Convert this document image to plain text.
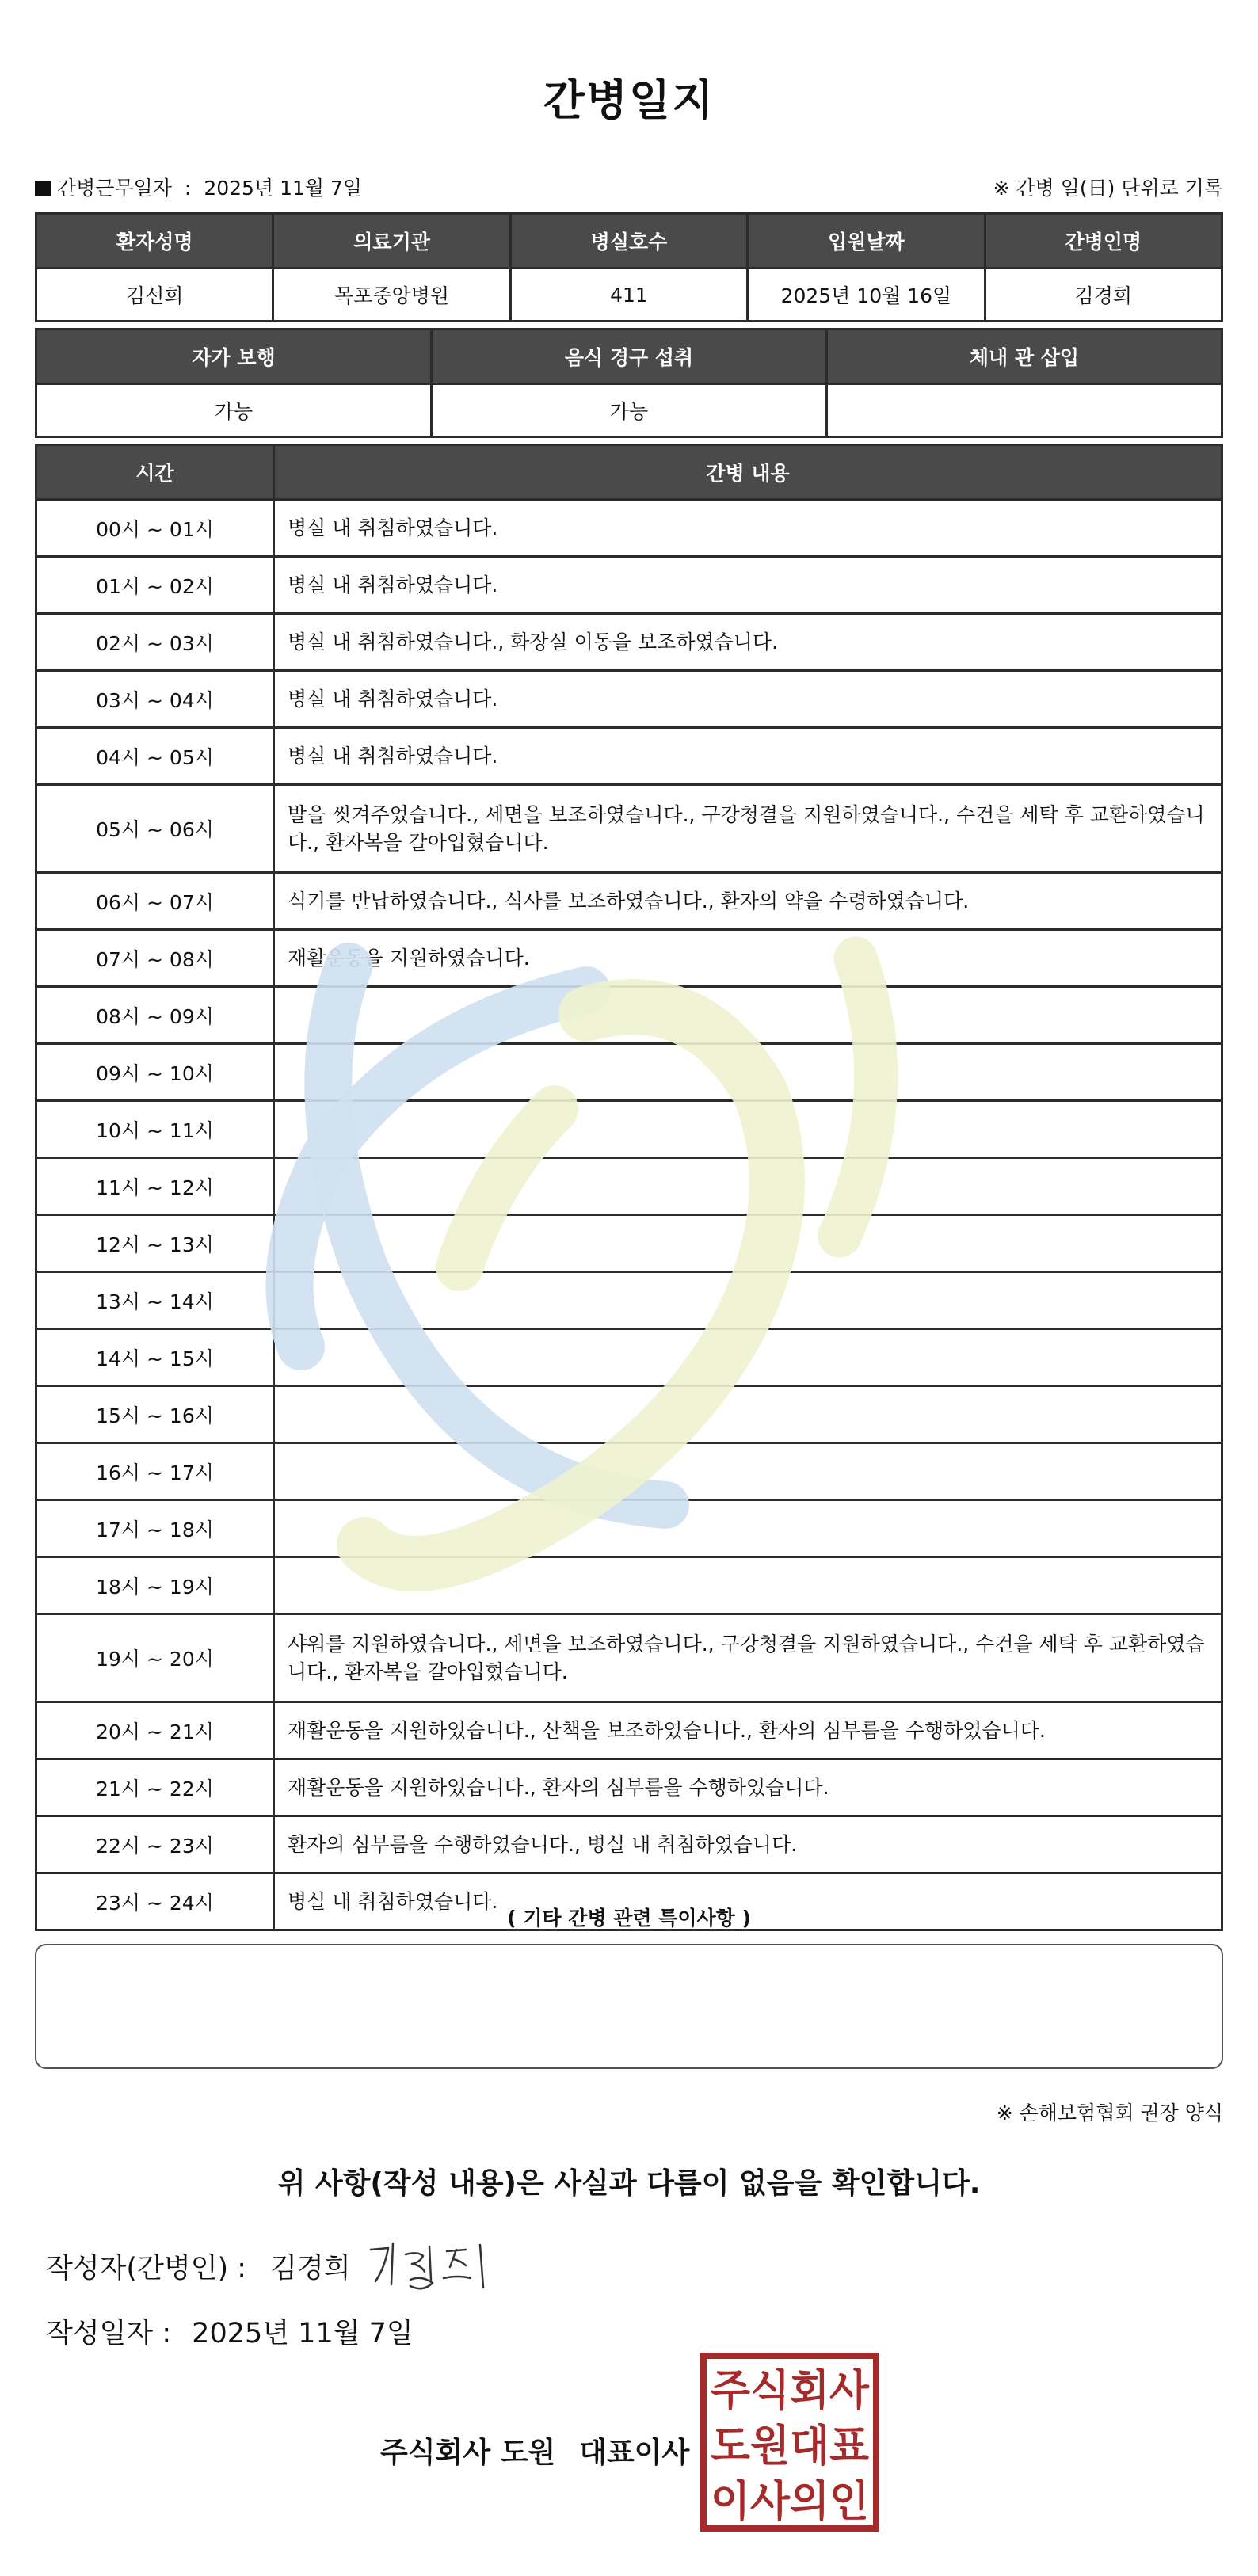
간병일지
간병근무일자 : 2025년 11월 7일	※ 간병 일(日) 단위로 기록
환자성명	의료기관	병실호수	입원날짜	간병인명
김선희	목포중앙병원	411	2025년 10월 16일	김경희
자가 보행	음식 경구 섭취	체내 관 삽입
가능	가능	
시간	간병 내용
00시 ~ 01시	병실 내 취침하였습니다.
01시 ~ 02시	병실 내 취침하였습니다.
02시 ~ 03시	병실 내 취침하였습니다., 화장실 이동을 보조하였습니다.
03시 ~ 04시	병실 내 취침하였습니다.
04시 ~ 05시	병실 내 취침하였습니다.
05시 ~ 06시	발을 씻겨주었습니다., 세면을 보조하였습니다., 구강청결을 지원하였습니다., 수건을 세탁 후 교환하였습니다., 환자복을 갈아입혔습니다.
06시 ~ 07시	식기를 반납하였습니다., 식사를 보조하였습니다., 환자의 약을 수령하였습니다.
07시 ~ 08시	재활운동을 지원하였습니다.
08시 ~ 09시	
09시 ~ 10시	
10시 ~ 11시	
11시 ~ 12시	
12시 ~ 13시	
13시 ~ 14시	
14시 ~ 15시	
15시 ~ 16시	
16시 ~ 17시	
17시 ~ 18시	
18시 ~ 19시	
19시 ~ 20시	샤워를 지원하였습니다., 세면을 보조하였습니다., 구강청결을 지원하였습니다., 수건을 세탁 후 교환하였습니다., 환자복을 갈아입혔습니다.
20시 ~ 21시	재활운동을 지원하였습니다., 산책을 보조하였습니다., 환자의 심부름을 수행하였습니다.
21시 ~ 22시	재활운동을 지원하였습니다., 환자의 심부름을 수행하였습니다.
22시 ~ 23시	환자의 심부름을 수행하였습니다., 병실 내 취침하였습니다.
23시 ~ 24시	병실 내 취침하였습니다.
( 기타 간병 관련 특이사항 )
※ 손해보험협회 권장 양식
위 사항(작성 내용)은 사실과 다름이 없음을 확인합니다.
작성자(간병인) : 김경희
작성일자 : 2025년 11월 7일
주식회사 도원 대표이사
주식회사
도원대표
이사의인
